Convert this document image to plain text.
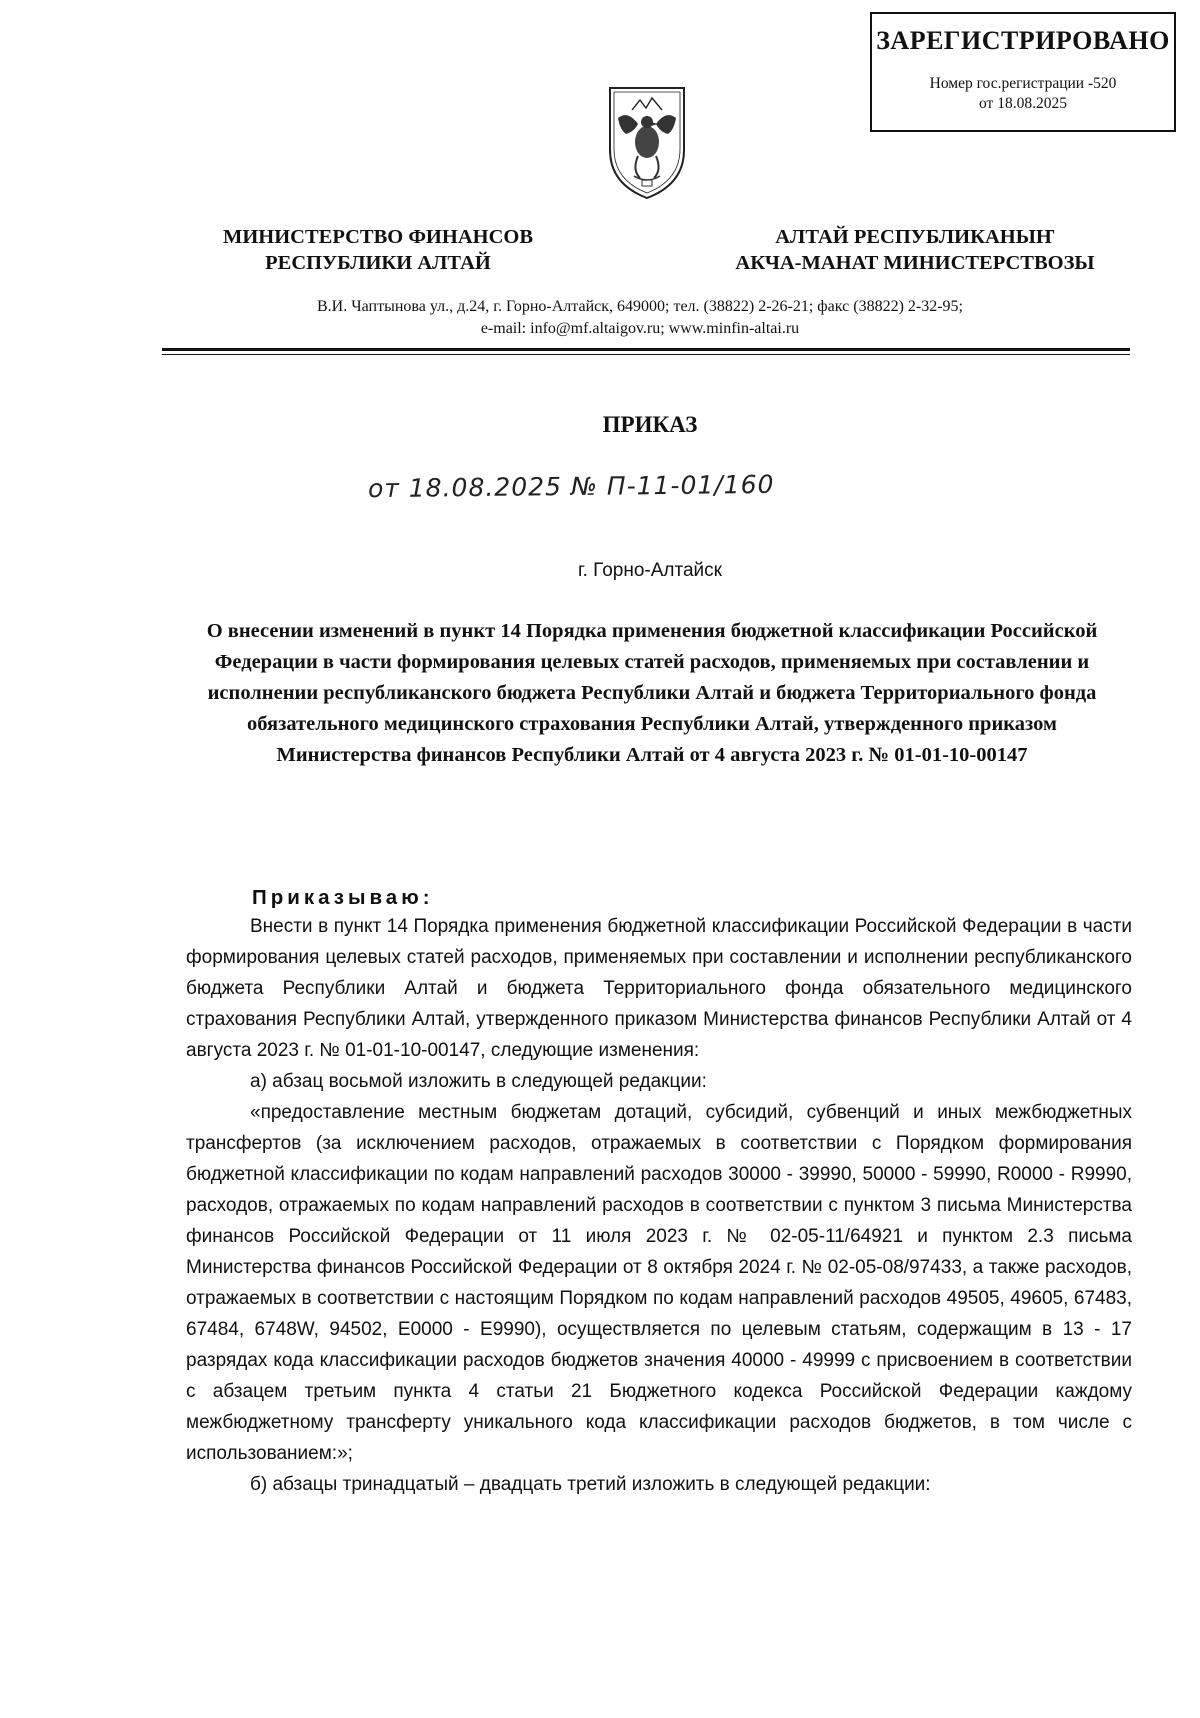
ЗАРЕГИСТРИРОВАНО
Номер гос.регистрации -520
от 18.08.2025
МИНИСТЕРСТВО ФИНАНСОВ
РЕСПУБЛИКИ АЛТАЙ
АЛТАЙ РЕСПУБЛИКАНЫҤ
АКЧА-МАНАТ МИНИСТЕРСТВОЗЫ
В.И. Чаптынова ул., д.24, г. Горно-Алтайск, 649000; тел. (38822) 2-26-21; факс (38822) 2-32-95;
e-mail: info@mf.altaigov.ru; www.minfin-altai.ru
ПРИКАЗ
от 18.08.2025 № П-11-01/160
г. Горно-Алтайск
О внесении изменений в пункт 14 Порядка применения бюджетной классификации Российской Федерации в части формирования целевых статей расходов, применяемых при составлении и исполнении республиканского бюджета Республики Алтай и бюджета Территориального фонда обязательного медицинского страхования Республики Алтай, утвержденного приказом Министерства финансов Республики Алтай от 4 августа 2023 г. № 01-01-10-00147
Приказываю:

Внести в пункт 14 Порядка применения бюджетной классификации Российской Федерации в части формирования целевых статей расходов, применяемых при составлении и исполнении республиканского бюджета Республики Алтай и бюджета Территориального фонда обязательного медицинского страхования Республики Алтай, утвержденного приказом Министерства финансов Республики Алтай от 4 августа 2023 г. № 01-01-10-00147, следующие изменения:

а) абзац восьмой изложить в следующей редакции:

«предоставление местным бюджетам дотаций, субсидий, субвенций и иных межбюджетных трансфертов (за исключением расходов, отражаемых в соответствии с Порядком формирования бюджетной классификации по кодам направлений расходов 30000 - 39990, 50000 - 59990, R0000 - R9990, расходов, отражаемых по кодам направлений расходов в соответствии с пунктом 3 письма Министерства финансов Российской Федерации от 11 июля 2023 г. № 02-05-11/64921 и пунктом 2.3 письма Министерства финансов Российской Федерации от 8 октября 2024 г. № 02-05-08/97433, а также расходов, отражаемых в соответствии с настоящим Порядком по кодам направлений расходов 49505, 49605, 67483, 67484, 6748W, 94502, E0000 - E9990), осуществляется по целевым статьям, содержащим в 13 - 17 разрядах кода классификации расходов бюджетов значения 40000 - 49999 с присвоением в соответствии с абзацем третьим пункта 4 статьи 21 Бюджетного кодекса Российской Федерации каждому межбюджетному трансферту уникального кода классификации расходов бюджетов, в том числе с использованием:»;

б) абзацы тринадцатый – двадцать третий изложить в следующей редакции:
